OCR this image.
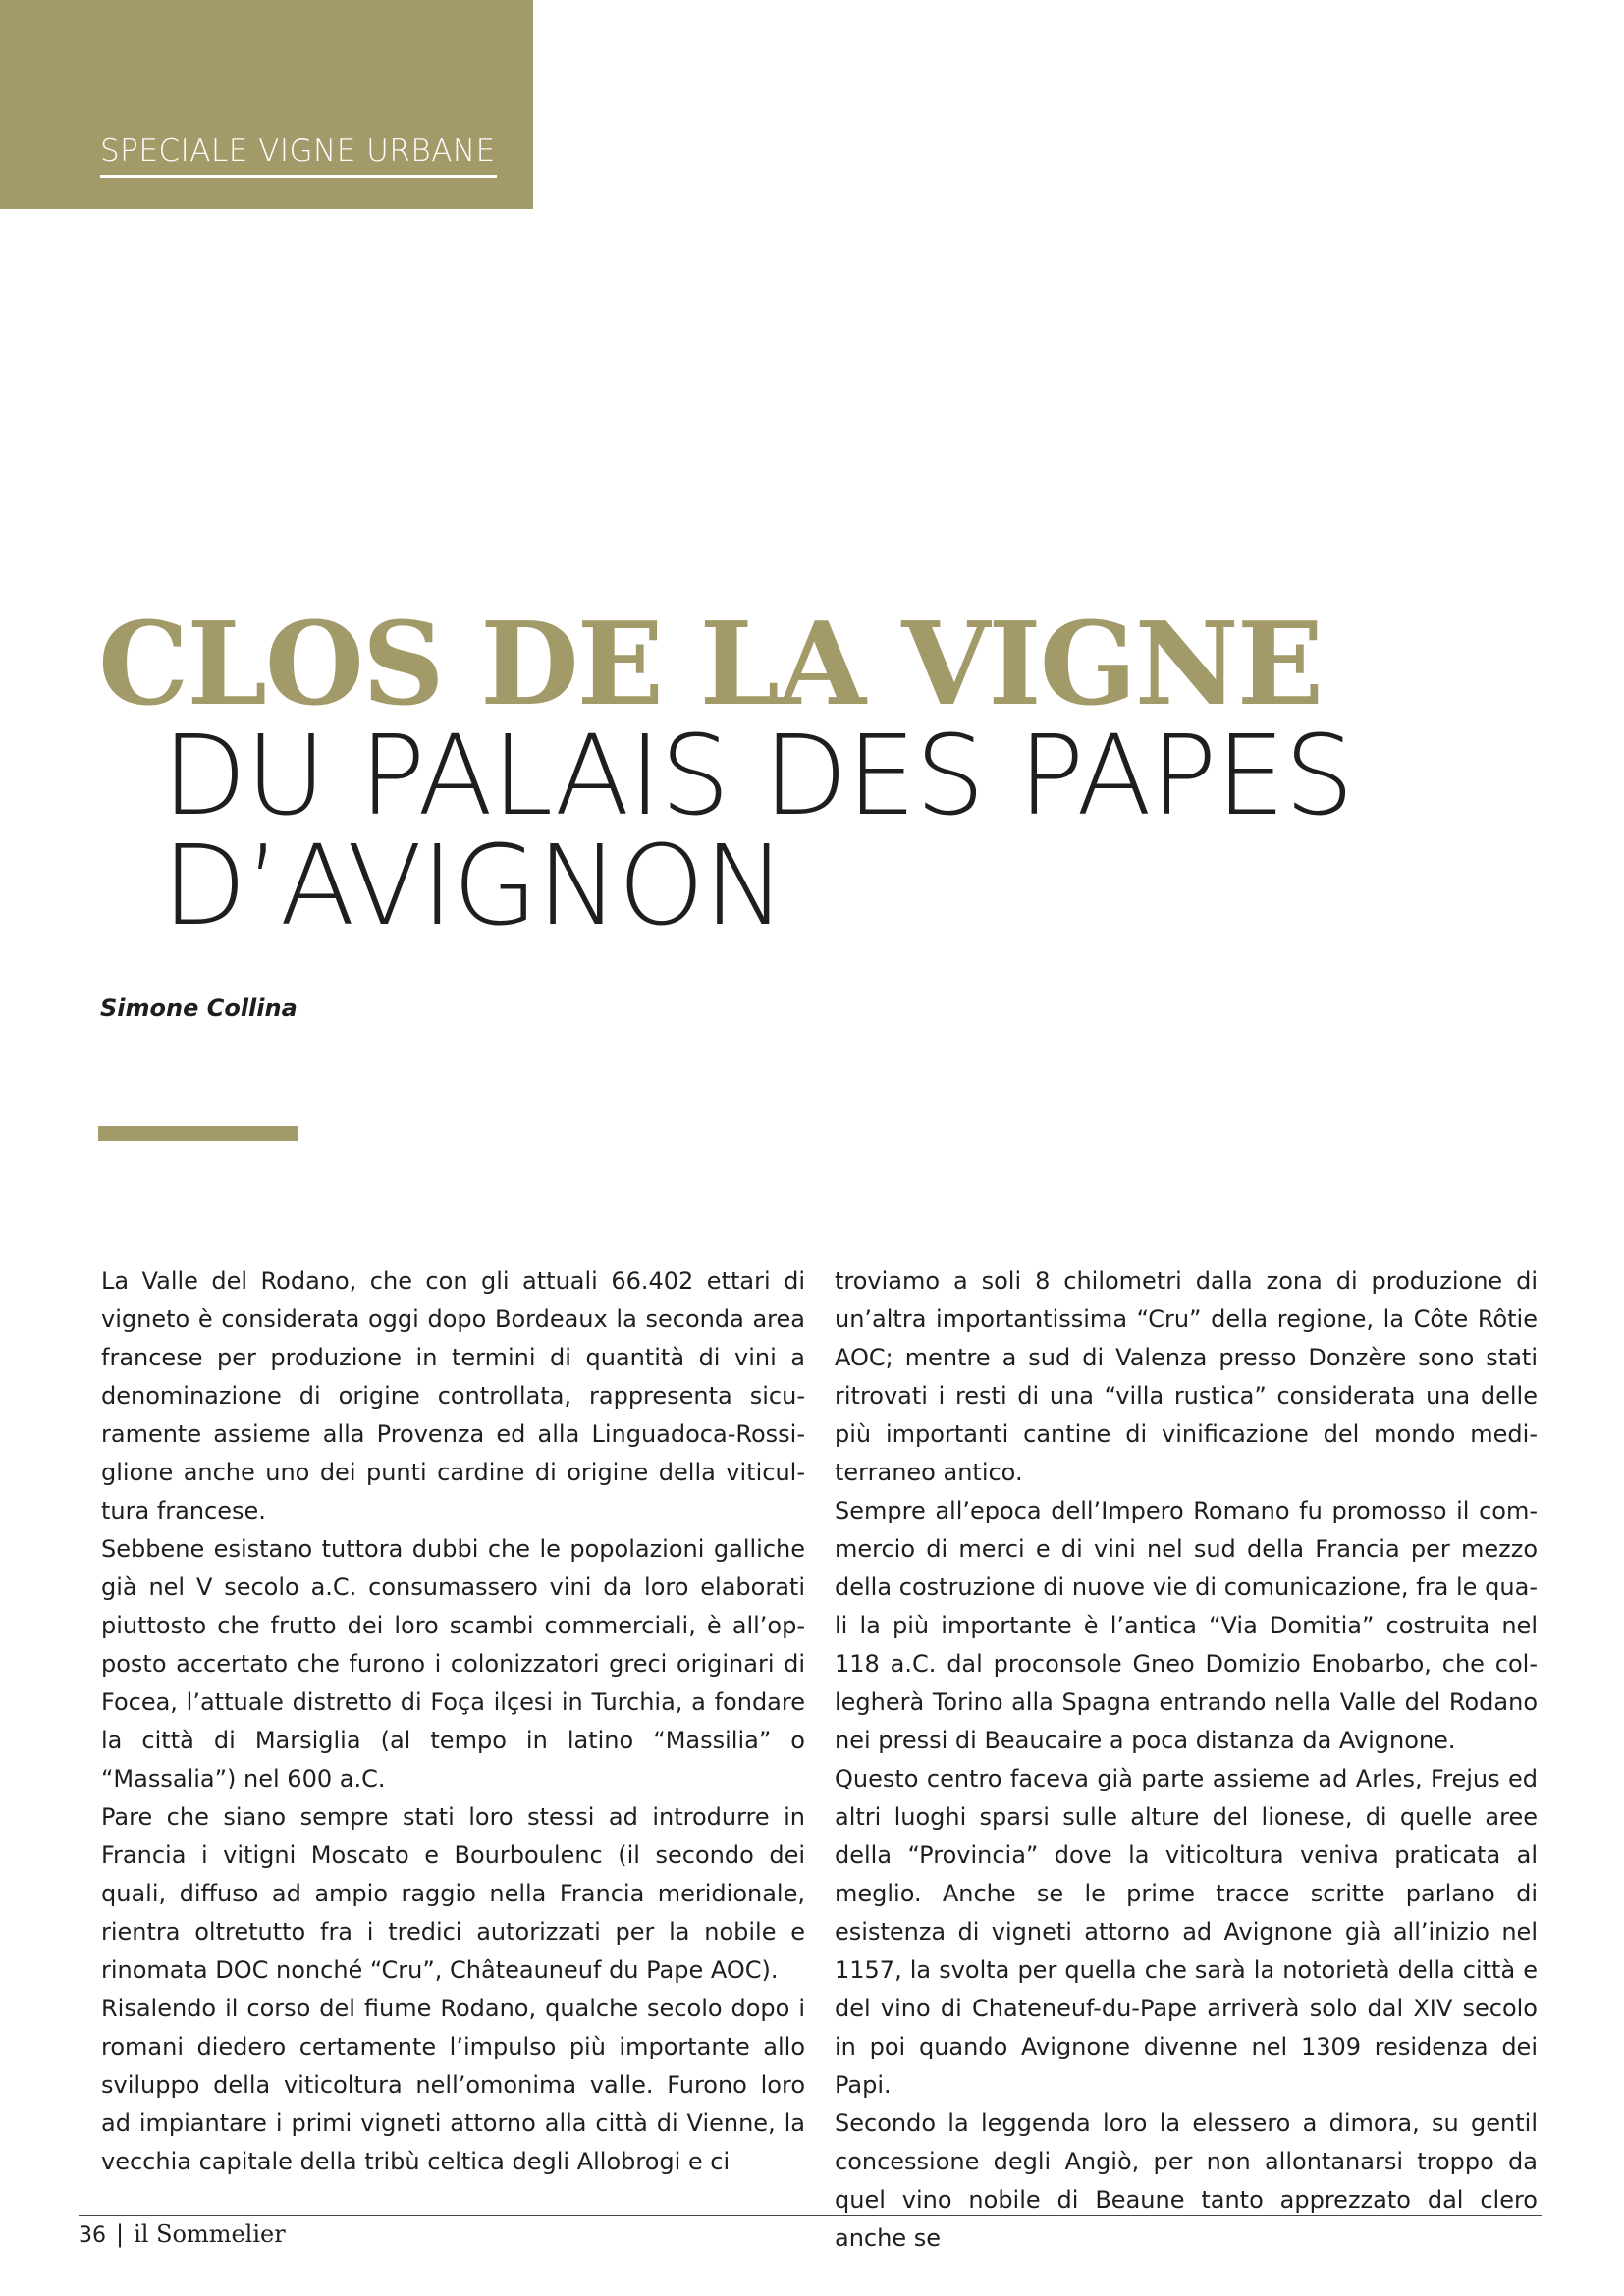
SPECIALE VIGNE URBANE
CLOS DE LA VIGNE
DU PALAIS DES PAPES
D’AVIGNON
Simone Collina

La Valle del Rodano, che con gli attuali 66.402 ettari di vigneto è considerata oggi dopo Bordeaux la seconda area francese per produzione in termini di quantità di vini a denominazione di origine controllata, rappresenta sicuramente assieme alla Provenza ed alla Linguadoca-Rossiglione anche uno dei punti cardine di origine della viticultura francese.

Sebbene esistano tuttora dubbi che le popolazioni galliche già nel V secolo a.C. consumassero vini da loro elaborati piuttosto che frutto dei loro scambi commerciali, è all’opposto accertato che furono i colonizzatori greci originari di Focea, l’attuale distretto di Foça ilçesi in Turchia, a fondare la città di Marsiglia (al tempo in latino “Massilia” o “Massalia”) nel 600 a.C.

Pare che siano sempre stati loro stessi ad introdurre in Francia i vitigni Moscato e Bourboulenc (il secondo dei quali, diffuso ad ampio raggio nella Francia meridionale, rientra oltretutto fra i tredici autorizzati per la nobile e rinomata DOC nonché “Cru”, Châteauneuf du Pape AOC).

Risalendo il corso del fiume Rodano, qualche secolo dopo i romani diedero certamente l’impulso più importante allo sviluppo della viticoltura nell’omonima valle. Furono loro ad impiantare i primi vigneti attorno alla città di Vienne, la vecchia capitale della tribù celtica degli Allobrogi e ci

troviamo a soli 8 chilometri dalla zona di produzione di un’altra importantissima “Cru” della regione, la Côte Rôtie AOC; mentre a sud di Valenza presso Donzère sono stati ritrovati i resti di una “villa rustica” considerata una delle più importanti cantine di vinificazione del mondo mediterraneo antico.

Sempre all’epoca dell’Impero Romano fu promosso il commercio di merci e di vini nel sud della Francia per mezzo della costruzione di nuove vie di comunicazione, fra le quali la più importante è l’antica “Via Domitia” costruita nel 118 a.C. dal proconsole Gneo Domizio Enobarbo, che collegherà Torino alla Spagna entrando nella Valle del Rodano nei pressi di Beaucaire a poca distanza da Avignone.

Questo centro faceva già parte assieme ad Arles, Frejus ed altri luoghi sparsi sulle alture del lionese, di quelle aree della “Provincia” dove la viticoltura veniva praticata al meglio. Anche se le prime tracce scritte parlano di esistenza di vigneti attorno ad Avignone già all’inizio nel 1157, la svolta per quella che sarà la notorietà della città e del vino di Chateneuf-du-Pape arriverà solo dal XIV secolo in poi quando Avignone divenne nel 1309 residenza dei Papi.

Secondo la leggenda loro la elessero a dimora, su gentil concessione degli Angiò, per non allontanarsi troppo da quel vino nobile di Beaune tanto apprezzato dal clero anche se

36 | il Sommelier
